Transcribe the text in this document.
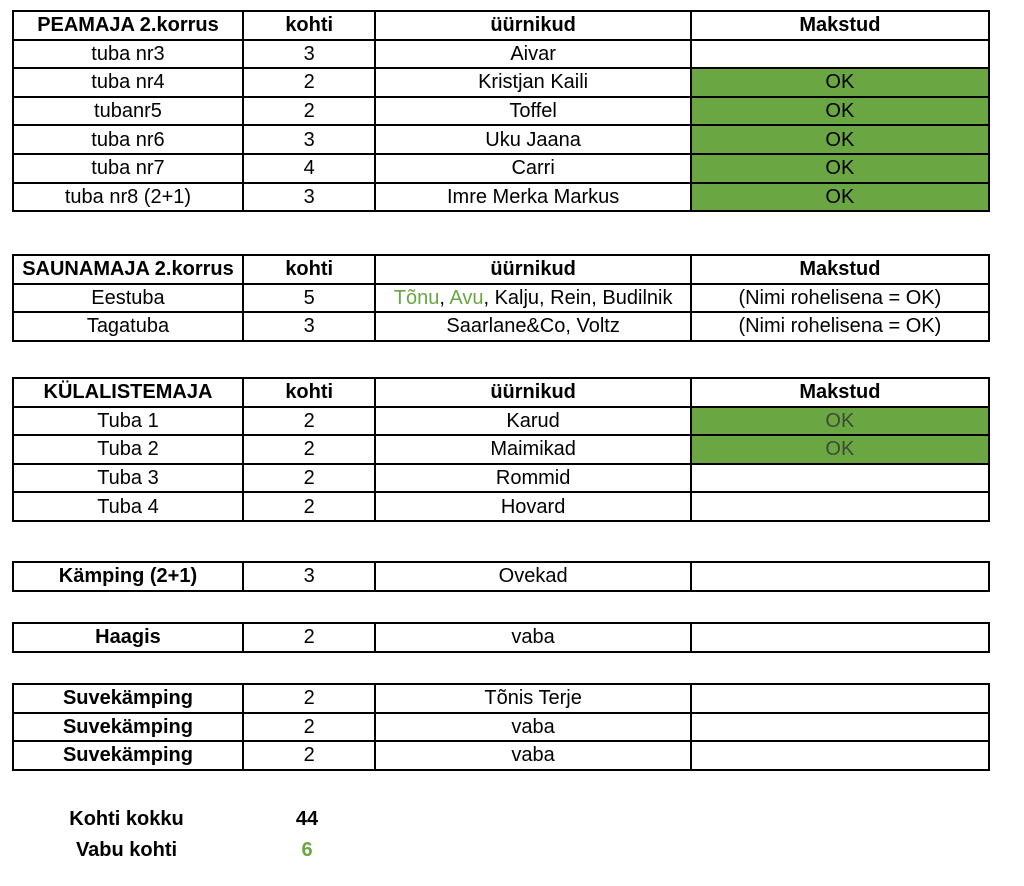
PEAMAJA 2.korrus	kohti	üürnikud	Makstud
tuba nr3	3	Aivar	
tuba nr4	2	Kristjan Kaili	OK
tubanr5	2	Toffel	OK
tuba nr6	3	Uku Jaana	OK
tuba nr7	4	Carri	OK
tuba nr8 (2+1)	3	Imre Merka Markus	OK
SAUNAMAJA 2.korrus	kohti	üürnikud	Makstud
Eestuba	5	Tõnu, Avu, Kalju, Rein, Budilnik	(Nimi rohelisena = OK)
Tagatuba	3	Saarlane&Co, Voltz	(Nimi rohelisena = OK)
KÜLALISTEMAJA	kohti	üürnikud	Makstud
Tuba 1	2	Karud	OK
Tuba 2	2	Maimikad	OK
Tuba 3	2	Rommid	
Tuba 4	2	Hovard	
Kämping (2+1)	3	Ovekad	
Haagis	2	vaba	
Suvekämping	2	Tõnis Terje	
Suvekämping	2	vaba	
Suvekämping	2	vaba	
Kohti kokku	44
Vabu kohti	6
